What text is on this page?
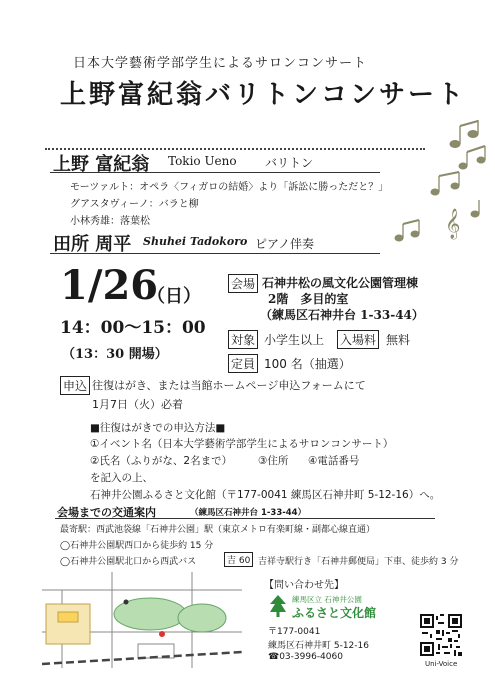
日本大学藝術学部学生によるサロンコンサート
上野富紀翁バリトンコンサート
上野 富紀翁 Tokio Ueno バリトン
モーツァルト：オペラ〈フィガロの結婚〉より「訴訟に勝っただと？」
グアスタヴィーノ：バラと柳
小林秀雄：落葉松
田所 周平 Shuhei Tadokoro ピアノ伴奏
𝄞
1/26
（日）
14：00〜15：00
（13：30 開場）
会場 石神井松の風文化公園管理棟
2階　多目的室
（練馬区石神井台 1-33-44）
対象 小学生以上 入場料 無料
定員 100 名（抽選）
申込 往復はがき、または当館ホームページ申込フォームにて
1月7日（火）必着
■往復はがきでの申込方法■
①イベント名（日本大学藝術学部学生によるサロンコンサート）
②氏名（ふりがな、2名まで） ③住所 ④電話番号
を記入の上、
石神井公園ふるさと文化館（〒177-0041 練馬区石神井町 5-12-16）へ。
会場までの交通案内	（練馬区石神井台 1-33-44）
最寄駅：西武池袋線「石神井公園」駅（東京メトロ有楽町線・副都心線直通）
◯石神井公園駅西口から徒歩約 15 分
◯石神井公園駅北口から西武バス	吉 60 吉祥寺駅行き「石神井郵便局」下車、徒歩約 3 分
【問い合わせ先】
練馬区立 石神井公園
ふるさと文化館
〒177-0041
練馬区石神井町 5-12-16
☎03-3996-4060
Uni-Voice
